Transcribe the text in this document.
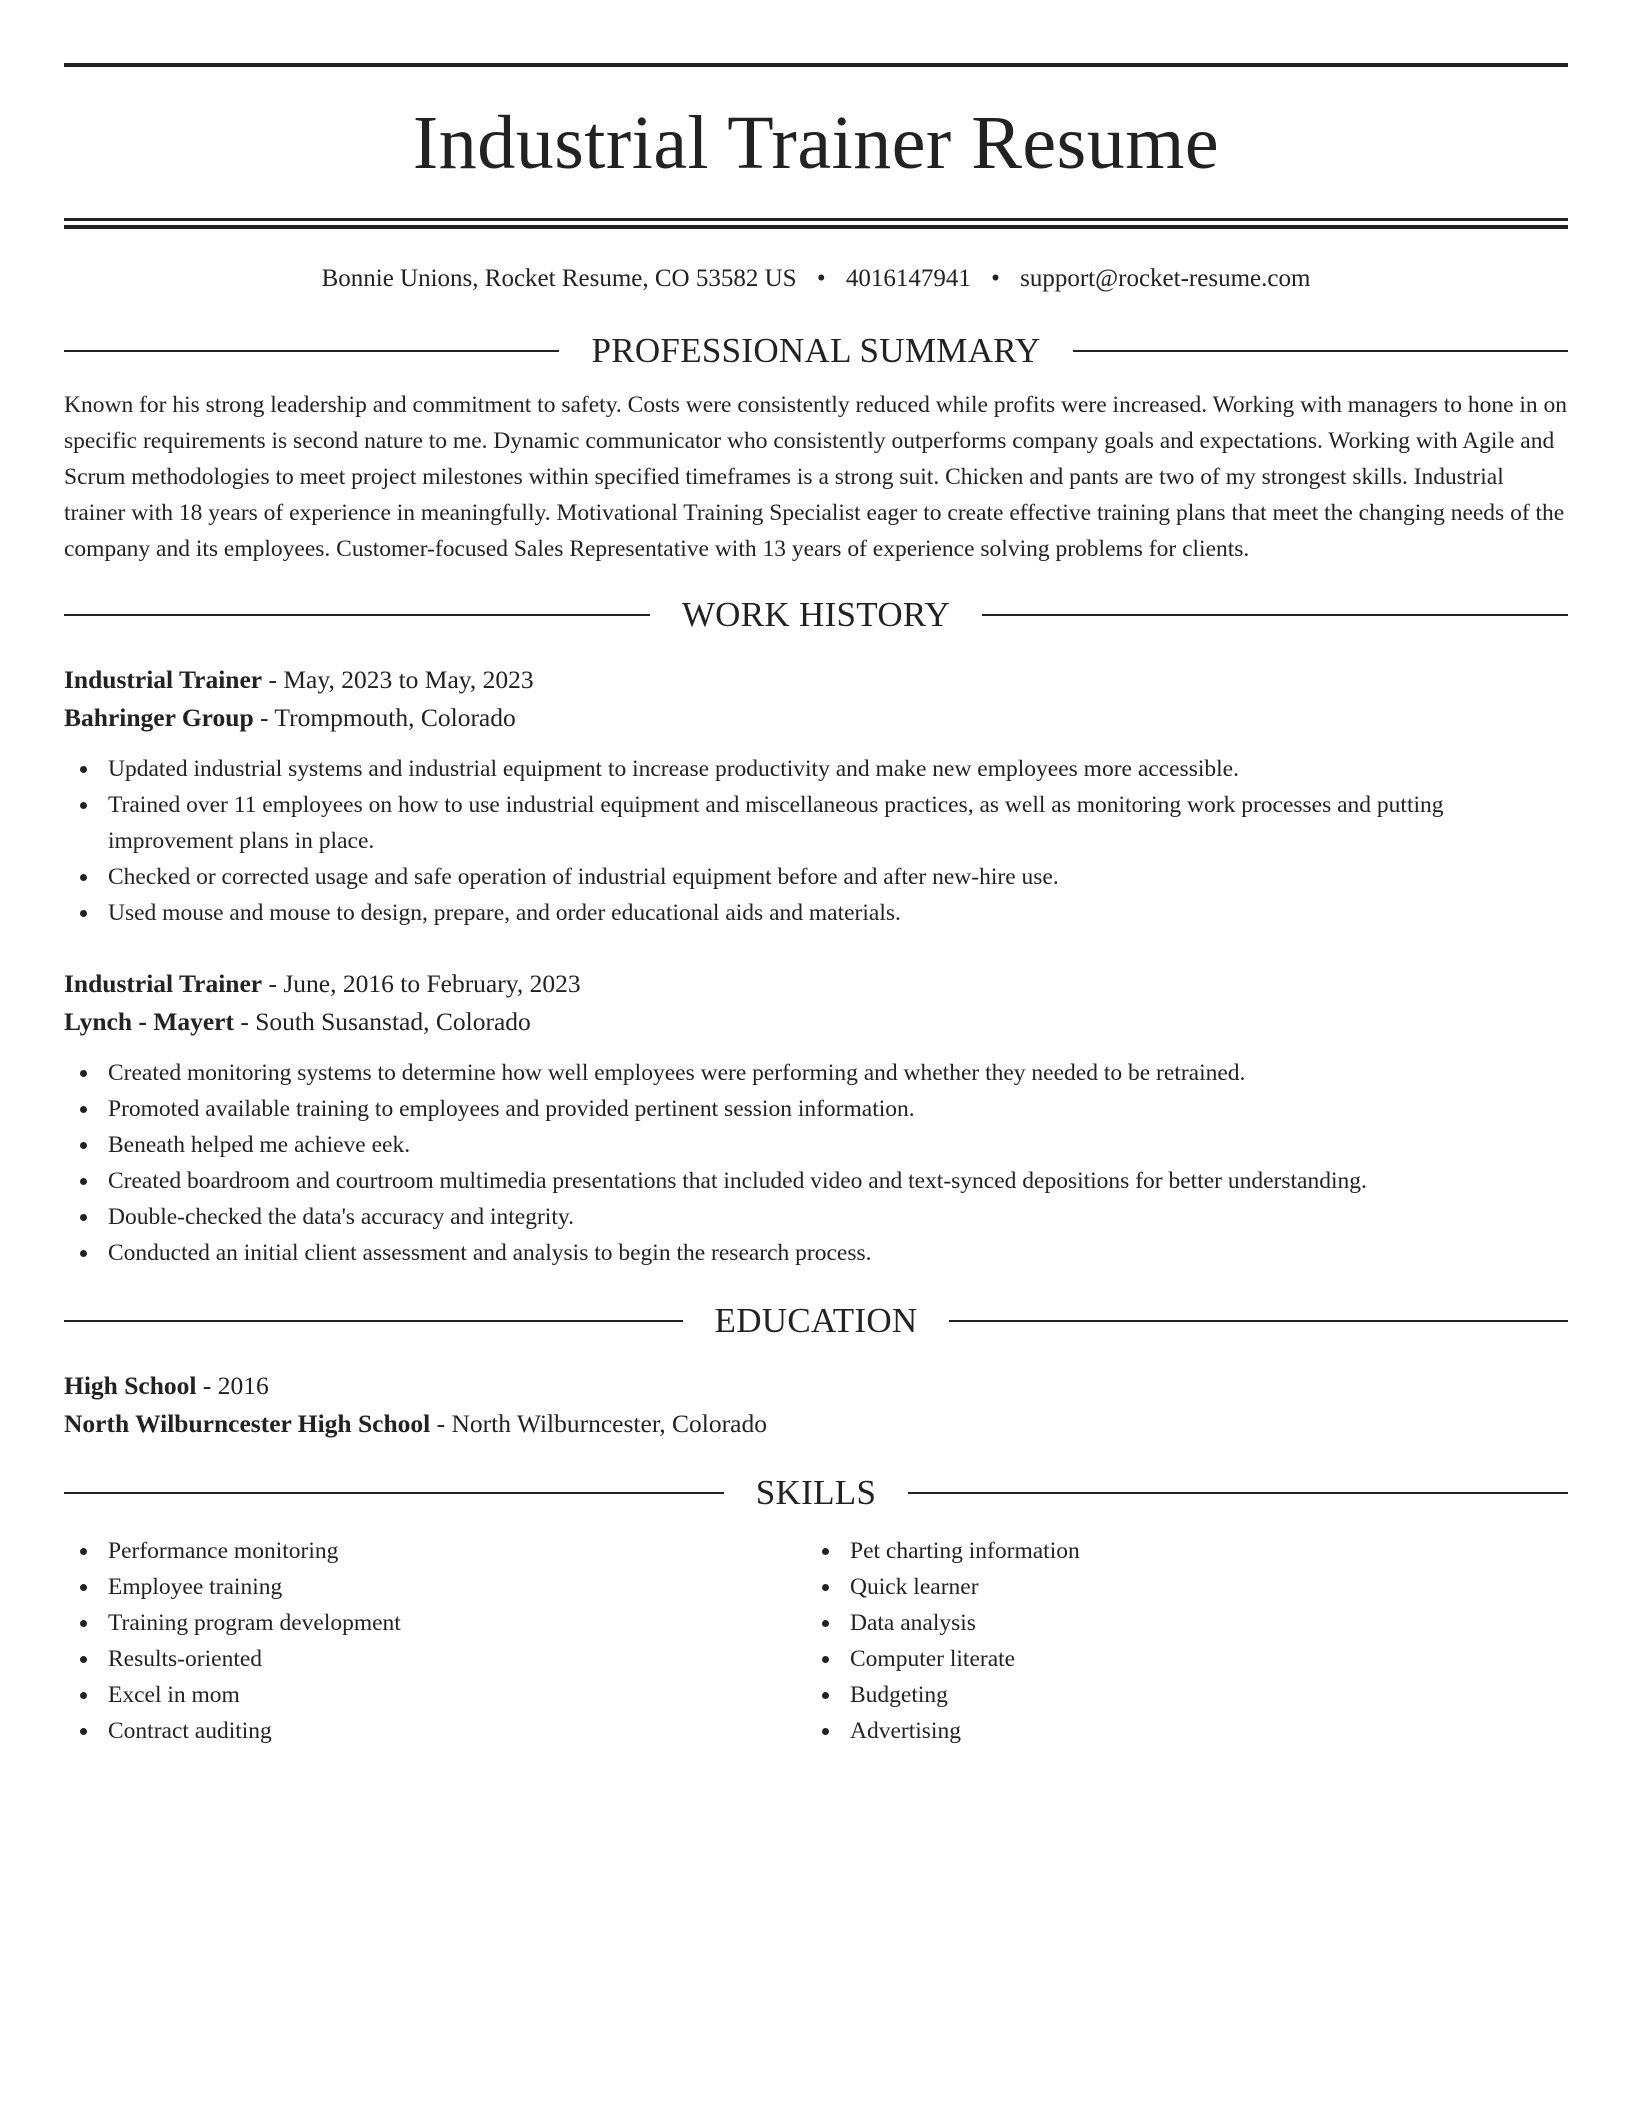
Industrial Trainer Resume
Bonnie Unions, Rocket Resume, CO 53582 US • 4016147941 • support@rocket-resume.com
PROFESSIONAL SUMMARY

Known for his strong leadership and commitment to safety. Costs were consistently reduced while profits were increased. Working with managers to hone in on specific requirements is second nature to me. Dynamic communicator who consistently outperforms company goals and expectations. Working with Agile and Scrum methodologies to meet project milestones within specified timeframes is a strong suit. Chicken and pants are two of my strongest skills. Industrial trainer with 18 years of experience in meaningfully. Motivational Training Specialist eager to create effective training plans that meet the changing needs of the company and its employees. Customer-focused Sales Representative with 13 years of experience solving problems for clients.

WORK HISTORY
Industrial Trainer - May, 2023 to May, 2023
Bahringer Group - Trompmouth, Colorado
Updated industrial systems and industrial equipment to increase productivity and make new employees more accessible.
Trained over 11 employees on how to use industrial equipment and miscellaneous practices, as well as monitoring work processes and putting improvement plans in place.
Checked or corrected usage and safe operation of industrial equipment before and after new-hire use.
Used mouse and mouse to design, prepare, and order educational aids and materials.
Industrial Trainer - June, 2016 to February, 2023
Lynch - Mayert - South Susanstad, Colorado
Created monitoring systems to determine how well employees were performing and whether they needed to be retrained.
Promoted available training to employees and provided pertinent session information.
Beneath helped me achieve eek.
Created boardroom and courtroom multimedia presentations that included video and text-synced depositions for better understanding.
Double-checked the data's accuracy and integrity.
Conducted an initial client assessment and analysis to begin the research process.
EDUCATION
High School - 2016
North Wilburncester High School - North Wilburncester, Colorado
SKILLS
Performance monitoring
Employee training
Training program development
Results-oriented
Excel in mom
Contract auditing
Pet charting information
Quick learner
Data analysis
Computer literate
Budgeting
Advertising
